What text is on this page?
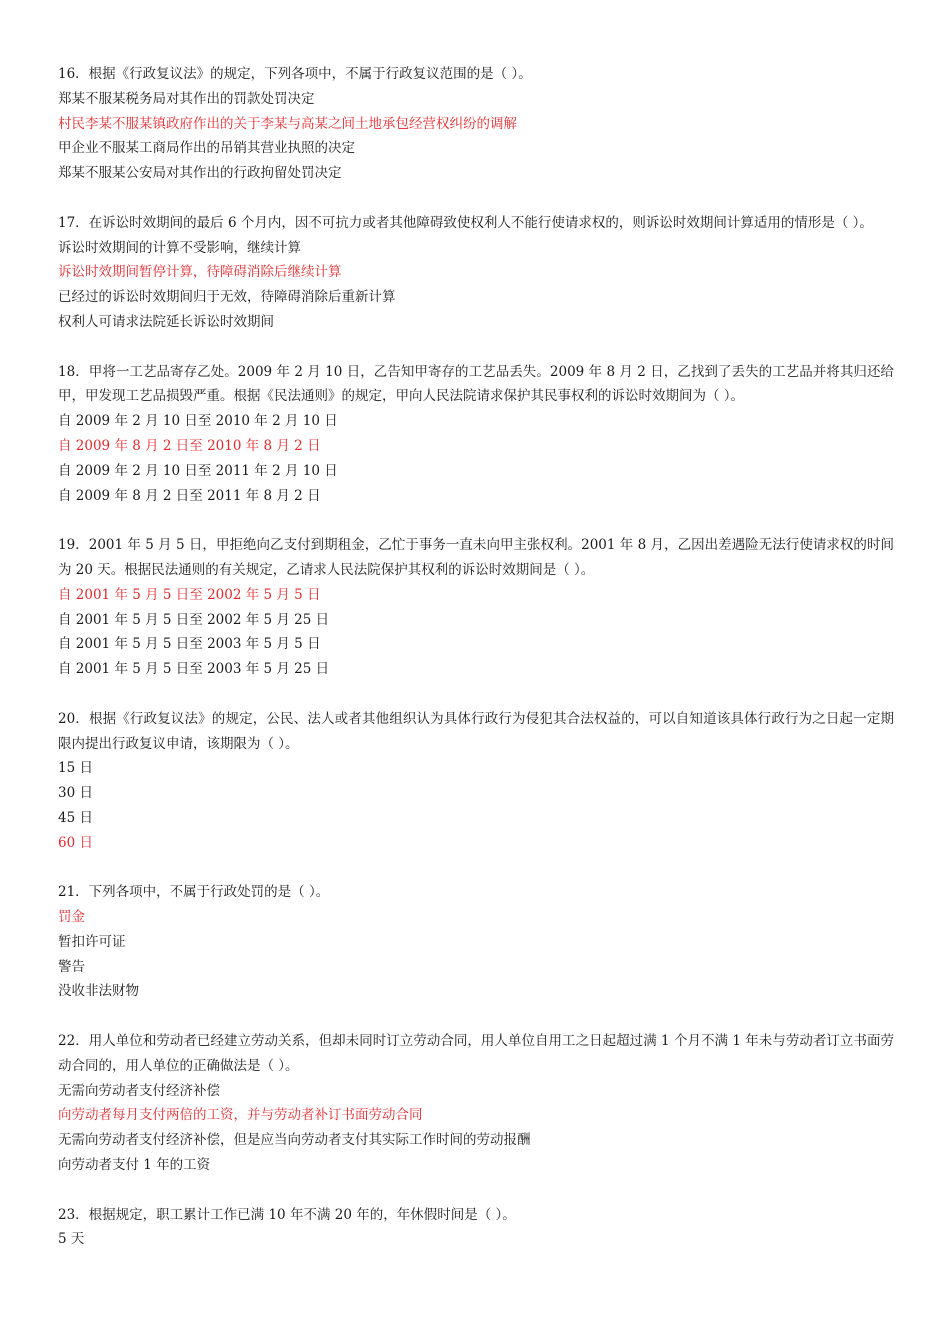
16．根据《行政复议法》的规定，下列各项中，不属于行政复议范围的是（ ）。

郑某不服某税务局对其作出的罚款处罚决定

村民李某不服某镇政府作出的关于李某与高某之间土地承包经营权纠纷的调解

甲企业不服某工商局作出的吊销其营业执照的决定

郑某不服某公安局对其作出的行政拘留处罚决定

17．在诉讼时效期间的最后 6 个月内，因不可抗力或者其他障碍致使权利人不能行使请求权的，则诉讼时效期间计算适用的情形是（ ）。

诉讼时效期间的计算不受影响，继续计算

诉讼时效期间暂停计算，待障碍消除后继续计算

已经过的诉讼时效期间归于无效，待障碍消除后重新计算

权利人可请求法院延长诉讼时效期间

18．甲将一工艺品寄存乙处。2009 年 2 月 10 日，乙告知甲寄存的工艺品丢失。2009 年 8 月 2 日，乙找到了丢失的工艺品并将其归还给甲，甲发现工艺品损毁严重。根据《民法通则》的规定，甲向人民法院请求保护其民事权利的诉讼时效期间为（ ）。

自 2009 年 2 月 10 日至 2010 年 2 月 10 日

自 2009 年 8 月 2 日至 2010 年 8 月 2 日

自 2009 年 2 月 10 日至 2011 年 2 月 10 日

自 2009 年 8 月 2 日至 2011 年 8 月 2 日

19．2001 年 5 月 5 日，甲拒绝向乙支付到期租金，乙忙于事务一直未向甲主张权利。2001 年 8 月，乙因出差遇险无法行使请求权的时间为 20 天。根据民法通则的有关规定，乙请求人民法院保护其权利的诉讼时效期间是（ ）。

自 2001 年 5 月 5 日至 2002 年 5 月 5 日

自 2001 年 5 月 5 日至 2002 年 5 月 25 日

自 2001 年 5 月 5 日至 2003 年 5 月 5 日

自 2001 年 5 月 5 日至 2003 年 5 月 25 日

20．根据《行政复议法》的规定，公民、法人或者其他组织认为具体行政行为侵犯其合法权益的，可以自知道该具体行政行为之日起一定期限内提出行政复议申请，该期限为（ ）。

15 日

30 日

45 日

60 日

21．下列各项中，不属于行政处罚的是（ ）。

罚金

暂扣许可证

警告

没收非法财物

22．用人单位和劳动者已经建立劳动关系，但却未同时订立劳动合同，用人单位自用工之日起超过满 1 个月不满 1 年未与劳动者订立书面劳动合同的，用人单位的正确做法是（ ）。

无需向劳动者支付经济补偿

向劳动者每月支付两倍的工资，并与劳动者补订书面劳动合同

无需向劳动者支付经济补偿，但是应当向劳动者支付其实际工作时间的劳动报酬

向劳动者支付 1 年的工资

23．根据规定，职工累计工作已满 10 年不满 20 年的，年休假时间是（ ）。

5 天
